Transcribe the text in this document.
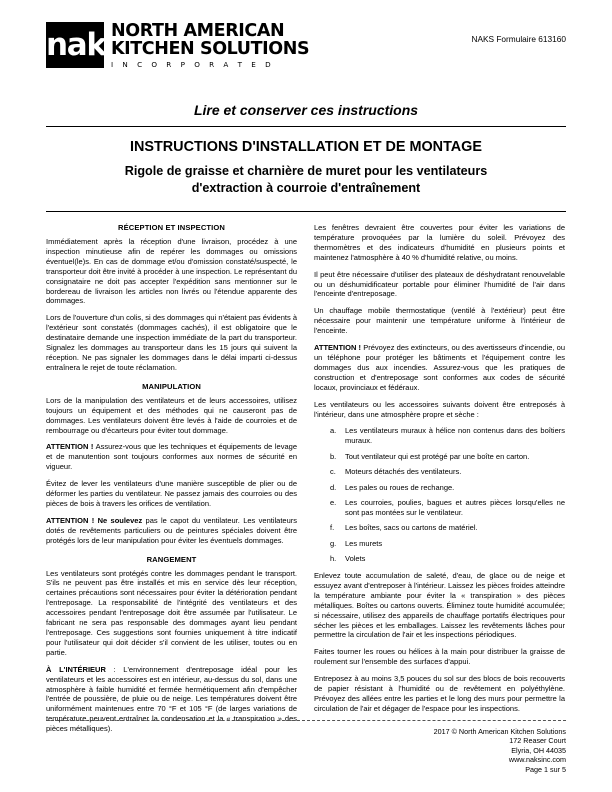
naks
NORTH AMERICAN
KITCHEN SOLUTIONS
I N C O R P O R A T E D
NAKS Formulaire 613160
Lire et conserver ces instructions
INSTRUCTIONS D'INSTALLATION ET DE MONTAGE
Rigole de graisse et charnière de muret pour les ventilateurs
d'extraction à courroie d'entraînement
RÉCEPTION ET INSPECTION

Immédiatement après la réception d'une livraison, procédez à une inspection minutieuse afin de repérer les dommages ou omissions éventuel(le)s. En cas de dommage et/ou d'omission constaté/suspecté, le transporteur doit être invité à procéder à une inspection. Le représentant du consignataire ne doit pas accepter l'expédition sans mentionner sur le bordereau de livraison les articles non livrés ou l'étendue apparente des dommages.

Lors de l'ouverture d'un colis, si des dommages qui n'étaient pas évidents à l'extérieur sont constatés (dommages cachés), il est obligatoire que le destinataire demande une inspection immédiate de la part du transporteur. Signalez les dommages au transporteur dans les 15 jours qui suivent la réception. Ne pas signaler les dommages dans le délai imparti ci-dessus entraînera le rejet de toute réclamation.

MANIPULATION

Lors de la manipulation des ventilateurs et de leurs accessoires, utilisez toujours un équipement et des méthodes qui ne causeront pas de dommages. Les ventilateurs doivent être levés à l'aide de courroies et de rembourrage ou d'écarteurs pour éviter tout dommage.

ATTENTION ! Assurez-vous que les techniques et équipements de levage et de manutention sont toujours conformes aux normes de sécurité en vigueur.

Évitez de lever les ventilateurs d'une manière susceptible de plier ou de déformer les parties du ventilateur. Ne passez jamais des courroies ou des pièces de bois à travers les orifices de ventilation.

ATTENTION ! Ne soulevez pas le capot du ventilateur. Les ventilateurs dotés de revêtements particuliers ou de peintures spéciales doivent être protégés lors de leur manipulation pour éviter les éventuels dommages.

RANGEMENT

Les ventilateurs sont protégés contre les dommages pendant le transport. S'ils ne peuvent pas être installés et mis en service dès leur réception, certaines précautions sont nécessaires pour éviter la détérioration pendant l'entreposage. La responsabilité de l'intégrité des ventilateurs et des accessoires pendant l'entreposage doit être assumée par l'utilisateur. Le fabricant ne sera pas responsable des dommages ayant lieu pendant l'entreposage. Ces suggestions sont fournies uniquement à titre indicatif pour l'utilisateur qui doit décider s'il convient de les utiliser, toutes ou en partie.

À L'INTÉRIEUR : L'environnement d'entreposage idéal pour les ventilateurs et les accessoires est en intérieur, au-dessus du sol, dans une atmosphère à faible humidité et fermée hermétiquement afin d'empêcher l'entrée de poussière, de pluie ou de neige. Les températures doivent être uniformément maintenues entre 70 °F et 105 °F (de larges variations de température peuvent entraîner la condensation et la « transpiration » des pièces métalliques).

Les fenêtres devraient être couvertes pour éviter les variations de température provoquées par la lumière du soleil. Prévoyez des thermomètres et des indicateurs d'humidité en plusieurs points et maintenez l'atmosphère à 40 % d'humidité relative, ou moins.

Il peut être nécessaire d'utiliser des plateaux de déshydratant renouvelable ou un déshumidificateur portable pour éliminer l'humidité de l'air dans l'enceinte d'entreposage.

Un chauffage mobile thermostatique (ventilé à l'extérieur) peut être nécessaire pour maintenir une température uniforme à l'intérieur de l'enceinte.

ATTENTION ! Prévoyez des extincteurs, ou des avertisseurs d'incendie, ou un téléphone pour protéger les bâtiments et l'équipement contre les dommages dus aux incendies. Assurez-vous que les pratiques de construction et d'entreposage sont conformes aux codes de sécurité locaux, provinciaux et fédéraux.

Les ventilateurs ou les accessoires suivants doivent être entreposés à l'intérieur, dans une atmosphère propre et sèche :

Les ventilateurs muraux à hélice non contenus dans des boîtiers muraux.
Tout ventilateur qui est protégé par une boîte en carton.
Moteurs détachés des ventilateurs.
Les pales ou roues de rechange.
Les courroies, poulies, bagues et autres pièces lorsqu'elles ne sont pas montées sur le ventilateur.
Les boîtes, sacs ou cartons de matériel.
Les murets
Volets

Enlevez toute accumulation de saleté, d'eau, de glace ou de neige et essuyez avant d'entreposer à l'intérieur. Laissez les pièces froides atteindre la température ambiante pour éviter la « transpiration » des pièces métalliques. Boîtes ou cartons ouverts. Éliminez toute humidité accumulée; si nécessaire, utilisez des appareils de chauffage portatifs électriques pour sécher les pièces et les emballages. Laissez les revêtements lâches pour permettre la circulation de l'air et les inspections périodiques.

Faites tourner les roues ou hélices à la main pour distribuer la graisse de roulement sur l'ensemble des surfaces d'appui.

Entreposez à au moins 3,5 pouces du sol sur des blocs de bois recouverts de papier résistant à l'humidité ou de revêtement en polyéthylène. Prévoyez des allées entre les parties et le long des murs pour permettre la circulation de l'air et dégager de l'espace pour les inspections.

2017 © North American Kitchen Solutions
172 Reaser Court
Elyria, OH 44035
www.naksinc.com
Page 1 sur 5
